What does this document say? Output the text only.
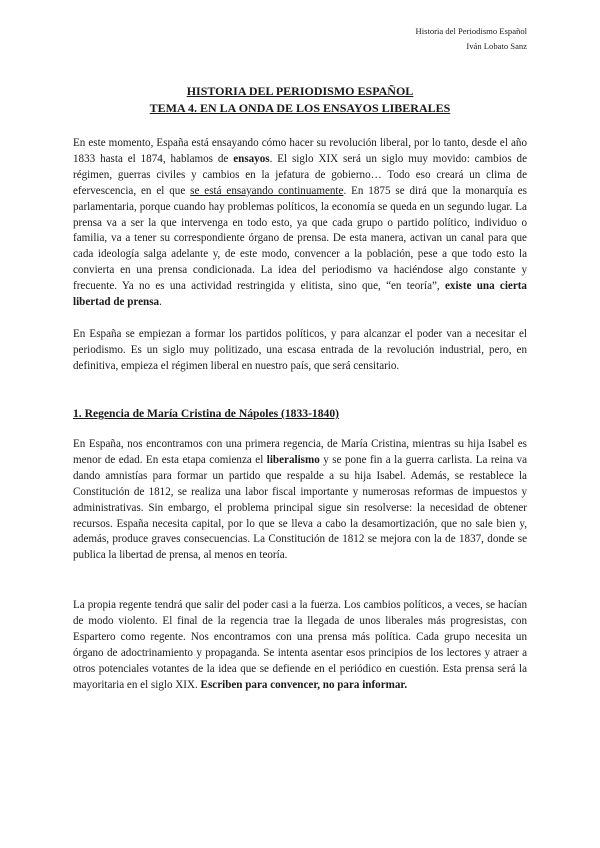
Historia del Periodismo Español
Iván Lobato Sanz
HISTORIA DEL PERIODISMO ESPAÑOL
TEMA 4. EN LA ONDA DE LOS ENSAYOS LIBERALES

En este momento, España está ensayando cómo hacer su revolución liberal, por lo tanto, desde el año 1833 hasta el 1874, hablamos de ensayos. El siglo XIX será un siglo muy movido: cambios de régimen, guerras civiles y cambios en la jefatura de gobierno… Todo eso creará un clima de efervescencia, en el que se está ensayando continuamente. En 1875 se dirá que la monarquía es parlamentaria, porque cuando hay problemas políticos, la economía se queda en un segundo lugar. La prensa va a ser la que intervenga en todo esto, ya que cada grupo o partido político, individuo o familia, va a tener su correspondiente órgano de prensa. De esta manera, activan un canal para que cada ideología salga adelante y, de este modo, convencer a la población, pese a que todo esto la convierta en una prensa condicionada. La idea del periodismo va haciéndose algo constante y frecuente. Ya no es una actividad restringida y elitista, sino que, “en teoría”, existe una cierta libertad de prensa.

En España se empiezan a formar los partidos políticos, y para alcanzar el poder van a necesitar el periodismo. Es un siglo muy politizado, una escasa entrada de la revolución industrial, pero, en definitiva, empieza el régimen liberal en nuestro país, que será censitario.

1. Regencia de María Cristina de Nápoles (1833-1840)

En España, nos encontramos con una primera regencia, de María Cristina, mientras su hija Isabel es menor de edad. En esta etapa comienza el liberalismo y se pone fin a la guerra carlista. La reina va dando amnistías para formar un partido que respalde a su hija Isabel. Además, se restablece la Constitución de 1812, se realiza una labor fiscal importante y numerosas reformas de impuestos y administrativas. Sin embargo, el problema principal sigue sin resolverse: la necesidad de obtener recursos. España necesita capital, por lo que se lleva a cabo la desamortización, que no sale bien y, además, produce graves consecuencias. La Constitución de 1812 se mejora con la de 1837, donde se publica la libertad de prensa, al menos en teoría.

La propia regente tendrá que salir del poder casi a la fuerza. Los cambios políticos, a veces, se hacían de modo violento. El final de la regencia trae la llegada de unos liberales más progresistas, con Espartero como regente. Nos encontramos con una prensa más política. Cada grupo necesita un órgano de adoctrinamiento y propaganda. Se intenta asentar esos principios de los lectores y atraer a otros potenciales votantes de la idea que se defiende en el periódico en cuestión. Esta prensa será la mayoritaria en el siglo XIX. Escriben para convencer, no para informar.
